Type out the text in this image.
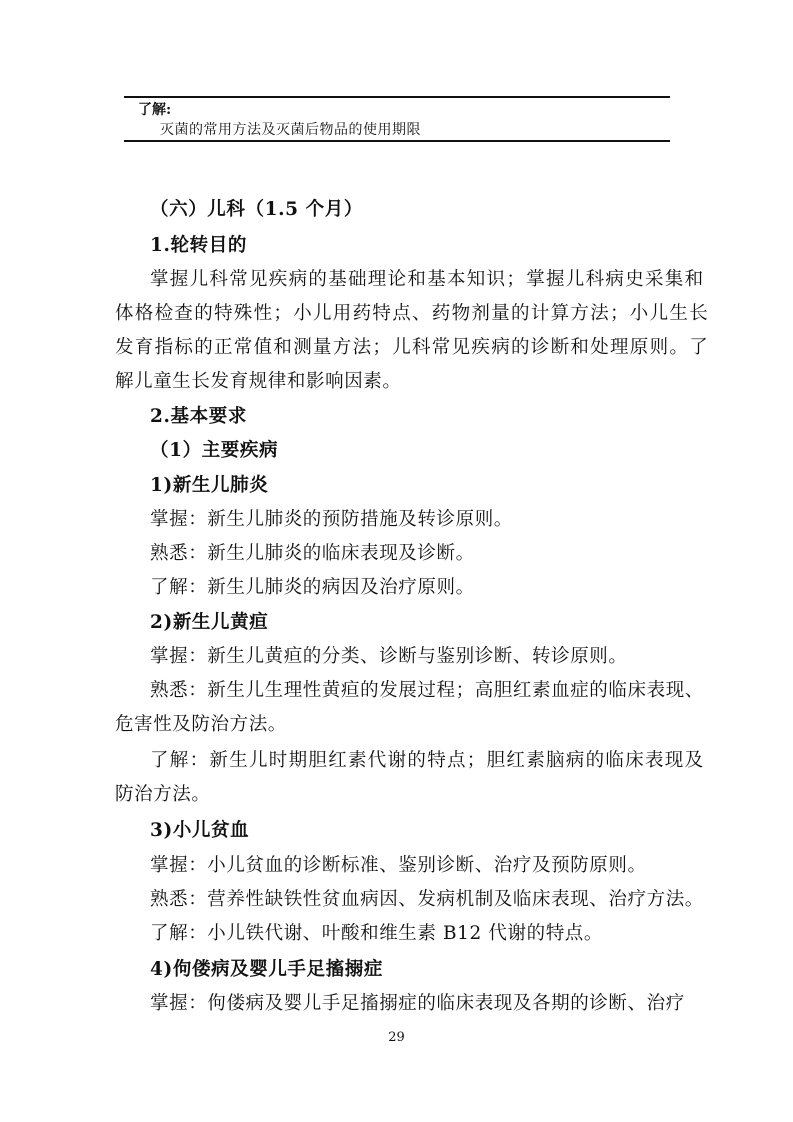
了解:
灭菌的常用方法及灭菌后物品的使用期限
（六）儿科（1.5 个月）
1.轮转目的
掌握儿科常见疾病的基础理论和基本知识；掌握儿科病史采集和
体格检查的特殊性；小儿用药特点、药物剂量的计算方法；小儿生长
发育指标的正常值和测量方法；儿科常见疾病的诊断和处理原则。了
解儿童生长发育规律和影响因素。
2.基本要求
（1）主要疾病
1)新生儿肺炎
掌握：新生儿肺炎的预防措施及转诊原则。
熟悉：新生儿肺炎的临床表现及诊断。
了解：新生儿肺炎的病因及治疗原则。
2)新生儿黄疸
掌握：新生儿黄疸的分类、诊断与鉴别诊断、转诊原则。
熟悉：新生儿生理性黄疸的发展过程；高胆红素血症的临床表现、
危害性及防治方法。
了解：新生儿时期胆红素代谢的特点；胆红素脑病的临床表现及
防治方法。
3)小儿贫血
掌握：小儿贫血的诊断标准、鉴别诊断、治疗及预防原则。
熟悉：营养性缺铁性贫血病因、发病机制及临床表现、治疗方法。
了解：小儿铁代谢、叶酸和维生素 B12 代谢的特点。
4)佝偻病及婴儿手足搐搦症
掌握：佝偻病及婴儿手足搐搦症的临床表现及各期的诊断、治疗
29
